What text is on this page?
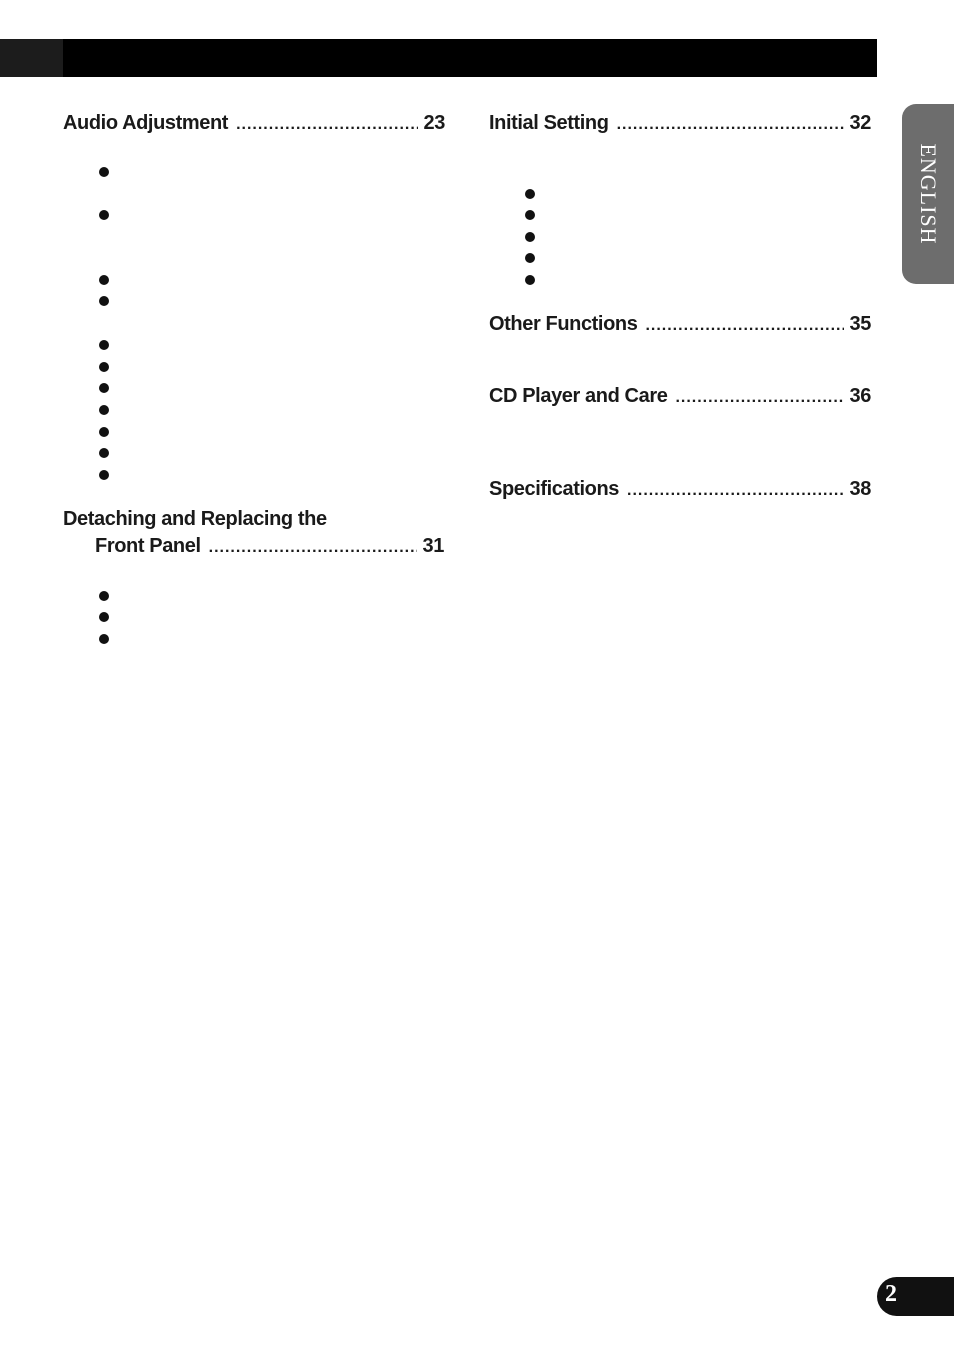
Audio Adjustment .....	23
Detaching and Replacing the
Front Panel .....	31
Initial Setting .....	32
Other Functions .....	35
CD Player and Care .....	36
Specifications .....	38
ENGLISH
2
